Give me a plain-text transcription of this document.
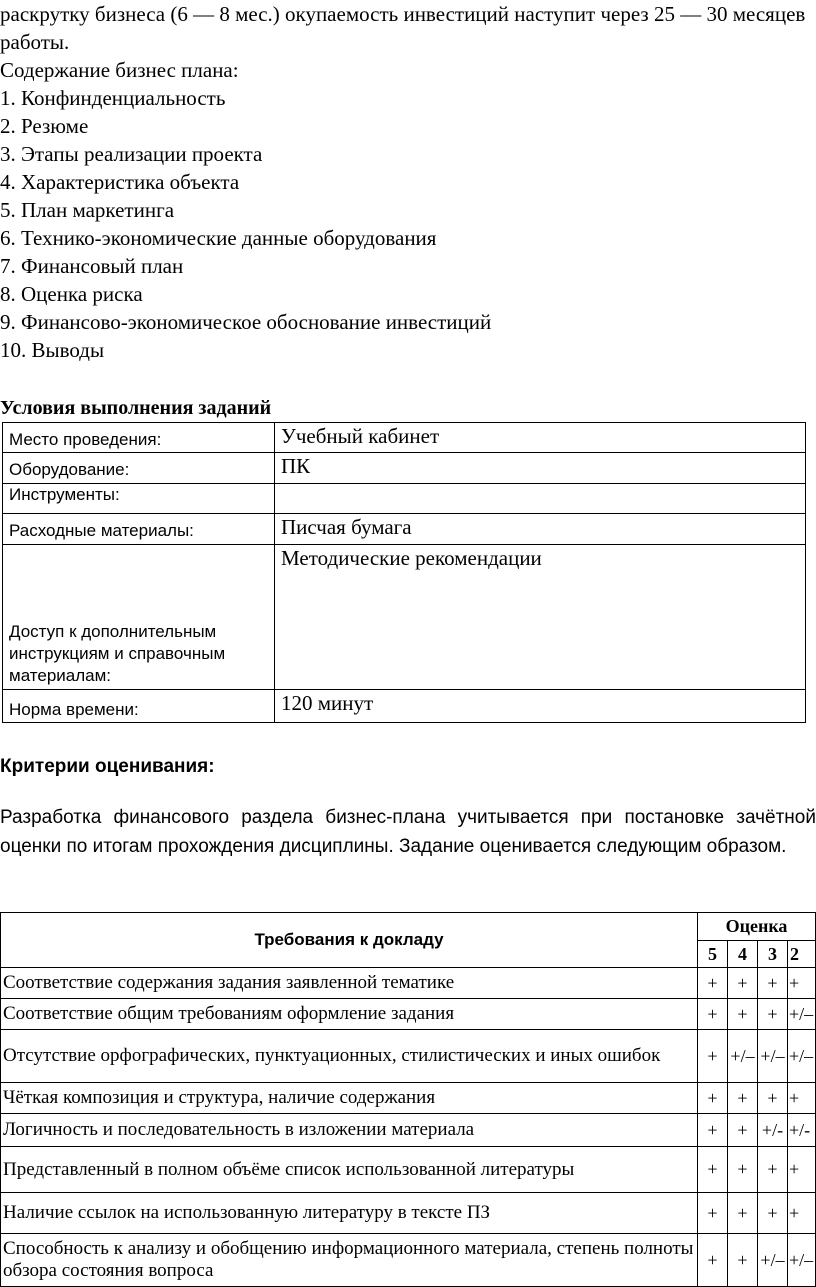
раскрутку бизнеса (6 — 8 мес.) окупаемость инвестиций наступит через 25 — 30 месяцев работы.

Содержание бизнес плана:

1. Конфинденциальность
2. Резюме
3. Этапы реализации проекта
4. Характеристика объекта
5. План маркетинга
6. Технико-экономические данные оборудования
7. Финансовый план
8. Оценка риска
9. Финансово-экономическое обоснование инвестиций
10. Выводы
Условия выполнения заданий
Место проведения:	Учебный кабинет

Оборудование:	ПК
Инструменты:	

Расходные материалы:	Писчая бумага
Доступ к дополнительным инструкциям и справочным материалам:	Методические рекомендации
Норма времени:	120 минут
Критерии оценивания:

Разработка финансового раздела бизнес-плана учитывается при постановке зачётной оценки по итогам прохождения дисциплины. Задание оценивается следующим образом.

Требования к докладу	Оценка			
	5	4	3	2
Соответствие содержания задания заявленной тематике	+	+	+	+
Соответствие общим требованиям оформление задания	+	+	+	+/–
Отсутствие орфографических, пунктуационных, стилистических и иных ошибок	+	+/–	+/–	+/–
Чёткая композиция и структура, наличие содержания	+	+	+	+
Логичность и последовательность в изложении материала	+	+	+/-	+/-
Представленный в полном объёме список использованной литературы	+	+	+	+
Наличие ссылок на использованную литературу в тексте ПЗ	+	+	+	+
Способность к анализу и обобщению информационного материала, степень полноты обзора состояния вопроса	+	+	+/–	+/–
